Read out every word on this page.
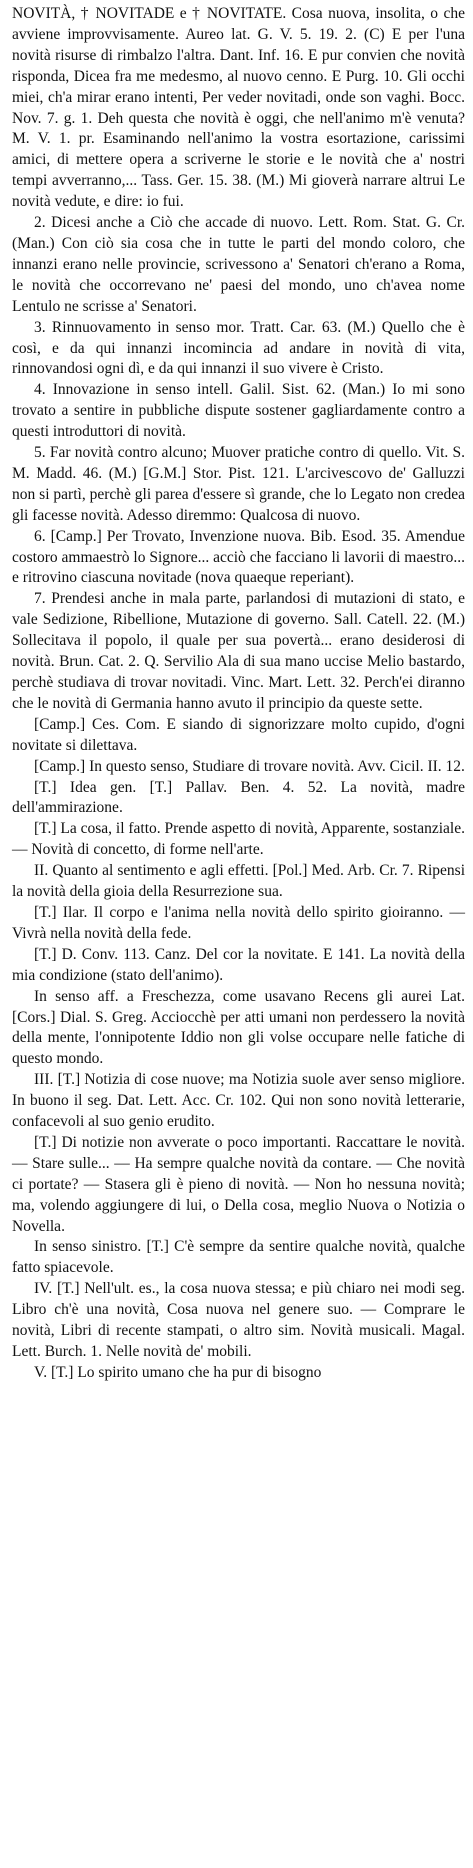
NOVITÀ, † NOVITADE e † NOVITATE. Cosa nuova, insolita, o che avviene improvvisamente. Aureo lat. G. V. 5. 19. 2. (C) E per l'una novità risurse di rimbalzo l'altra. Dant. Inf. 16. E pur convien che novità risponda, Dicea fra me medesmo, al nuovo cenno. E Purg. 10. Gli occhi miei, ch'a mirar erano intenti, Per veder novitadi, onde son vaghi. Bocc. Nov. 7. g. 1. Deh questa che novità è oggi, che nell'animo m'è venuta? M. V. 1. pr. Esaminando nell'animo la vostra esortazione, carissimi amici, di mettere opera a scriverne le storie e le novità che a' nostri tempi avverranno,... Tass. Ger. 15. 38. (M.) Mi gioverà narrare altrui Le novità vedute, e dire: io fui.

2. Dicesi anche a Ciò che accade di nuovo. Lett. Rom. Stat. G. Cr. (Man.) Con ciò sia cosa che in tutte le parti del mondo coloro, che innanzi erano nelle provincie, scrivessono a' Senatori ch'erano a Roma, le novità che occorrevano ne' paesi del mondo, uno ch'avea nome Lentulo ne scrisse a' Senatori.

3. Rinnuovamento in senso mor. Tratt. Car. 63. (M.) Quello che è così, e da qui innanzi incomincia ad andare in novità di vita, rinnovandosi ogni dì, e da qui innanzi il suo vivere è Cristo.

4. Innovazione in senso intell. Galil. Sist. 62. (Man.) Io mi sono trovato a sentire in pubbliche dispute sostener gagliardamente contro a questi introduttori di novità.

5. Far novità contro alcuno; Muover pratiche contro di quello. Vit. S. M. Madd. 46. (M.) [G.M.] Stor. Pist. 121. L'arcivescovo de' Galluzzi non si partì, perchè gli parea d'essere sì grande, che lo Legato non credea gli facesse novità. Adesso diremmo: Qualcosa di nuovo.

6. [Camp.] Per Trovato, Invenzione nuova. Bib. Esod. 35. Amendue costoro ammaestrò lo Signore... acciò che facciano li lavorii di maestro... e ritrovino ciascuna novitade (nova quaeque reperiant).

7. Prendesi anche in mala parte, parlandosi di mutazioni di stato, e vale Sedizione, Ribellione, Mutazione di governo. Sall. Catell. 22. (M.) Sollecitava il popolo, il quale per sua povertà... erano desiderosi di novità. Brun. Cat. 2. Q. Servilio Ala di sua mano uccise Melio bastardo, perchè studiava di trovar novitadi. Vinc. Mart. Lett. 32. Perch'ei diranno che le novità di Germania hanno avuto il principio da queste sette.

[Camp.] Ces. Com. E siando di signorizzare molto cupido, d'ogni novitate si dilettava.

[Camp.] In questo senso, Studiare di trovare novità. Avv. Cicil. II. 12.

[T.] Idea gen. [T.] Pallav. Ben. 4. 52. La novità, madre dell'ammirazione.

[T.] La cosa, il fatto. Prende aspetto di novità, Apparente, sostanziale. — Novità di concetto, di forme nell'arte.

II. Quanto al sentimento e agli effetti. [Pol.] Med. Arb. Cr. 7. Ripensi la novità della gioia della Resurrezione sua.

[T.] Ilar. Il corpo e l'anima nella novità dello spirito gioiranno. — Vivrà nella novità della fede.

[T.] D. Conv. 113. Canz. Del cor la novitate. E 141. La novità della mia condizione (stato dell'animo).

In senso aff. a Freschezza, come usavano Recens gli aurei Lat. [Cors.] Dial. S. Greg. Acciocchè per atti umani non perdessero la novità della mente, l'onnipotente Iddio non gli volse occupare nelle fatiche di questo mondo.

III. [T.] Notizia di cose nuove; ma Notizia suole aver senso migliore. In buono il seg. Dat. Lett. Acc. Cr. 102. Qui non sono novità letterarie, confacevoli al suo genio erudito.

[T.] Di notizie non avverate o poco importanti. Raccattare le novità. — Stare sulle... — Ha sempre qualche novità da contare. — Che novità ci portate? — Stasera gli è pieno di novità. — Non ho nessuna novità; ma, volendo aggiungere di lui, o Della cosa, meglio Nuova o Notizia o Novella.

In senso sinistro. [T.] C'è sempre da sentire qualche novità, qualche fatto spiacevole.

IV. [T.] Nell'ult. es., la cosa nuova stessa; e più chiaro nei modi seg. Libro ch'è una novità, Cosa nuova nel genere suo. — Comprare le novità, Libri di recente stampati, o altro sim. Novità musicali. Magal. Lett. Burch. 1. Nelle novità de' mobili.

V. [T.] Lo spirito umano che ha pur di bisogno
